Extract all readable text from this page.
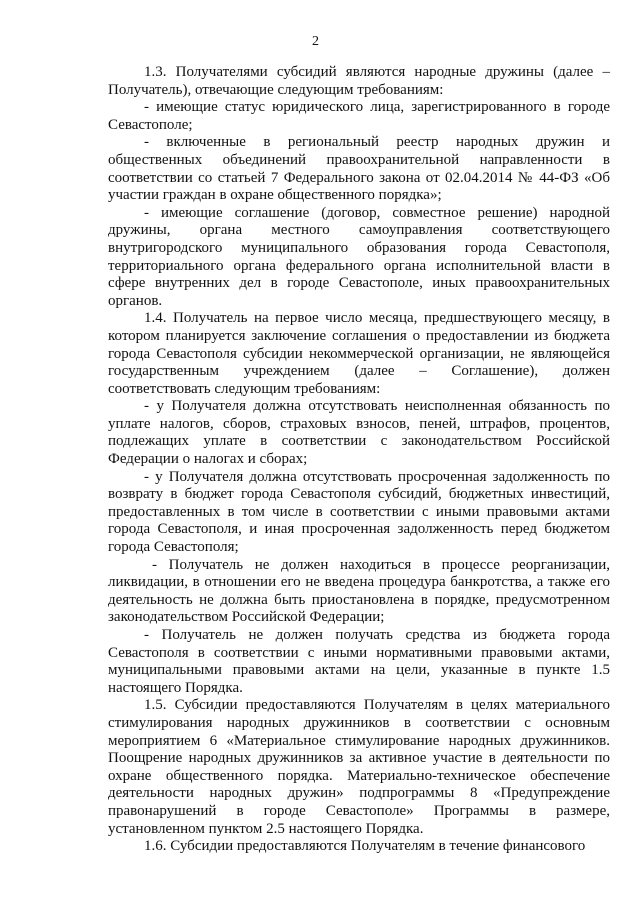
2

1.3. Получателями субсидий являются народные дружины (далее – Получатель), отвечающие следующим требованиям:

- имеющие статус юридического лица, зарегистрированного в городе Севастополе;

- включенные в региональный реестр народных дружин и общественных объединений правоохранительной направленности в соответствии со статьей 7 Федерального закона от 02.04.2014 № 44-ФЗ «Об участии граждан в охране общественного порядка»;

- имеющие соглашение (договор, совместное решение) народной дружины, органа местного самоуправления соответствующего внутригородского муниципального образования города Севастополя, территориального органа федерального органа исполнительной власти в сфере внутренних дел в городе Севастополе, иных правоохранительных органов.

1.4. Получатель на первое число месяца, предшествующего месяцу, в котором планируется заключение соглашения о предоставлении из бюджета города Севастополя субсидии некоммерческой организации, не являющейся государственным учреждением (далее – Соглашение), должен соответствовать следующим требованиям:

- у Получателя должна отсутствовать неисполненная обязанность по уплате налогов, сборов, страховых взносов, пеней, штрафов, процентов, подлежащих уплате в соответствии с законодательством Российской Федерации о налогах и сборах;

- у Получателя должна отсутствовать просроченная задолженность по возврату в бюджет города Севастополя субсидий, бюджетных инвестиций, предоставленных в том числе в соответствии с иными правовыми актами города Севастополя, и иная просроченная задолженность перед бюджетом города Севастополя;

- Получатель не должен находиться в процессе реорганизации, ликвидации, в отношении его не введена процедура банкротства, а также его деятельность не должна быть приостановлена в порядке, предусмотренном законодательством Российской Федерации;

- Получатель не должен получать средства из бюджета города Севастополя в соответствии с иными нормативными правовыми актами, муниципальными правовыми актами на цели, указанные в пункте 1.5 настоящего Порядка.

1.5. Субсидии предоставляются Получателям в целях материального стимулирования народных дружинников в соответствии с основным мероприятием 6 «Материальное стимулирование народных дружинников. Поощрение народных дружинников за активное участие в деятельности по охране общественного порядка. Материально-техническое обеспечение деятельности народных дружин» подпрограммы 8 «Предупреждение правонарушений в городе Севастополе» Программы в размере, установленном пунктом 2.5 настоящего Порядка.

1.6. Субсидии предоставляются Получателям в течение финансового
